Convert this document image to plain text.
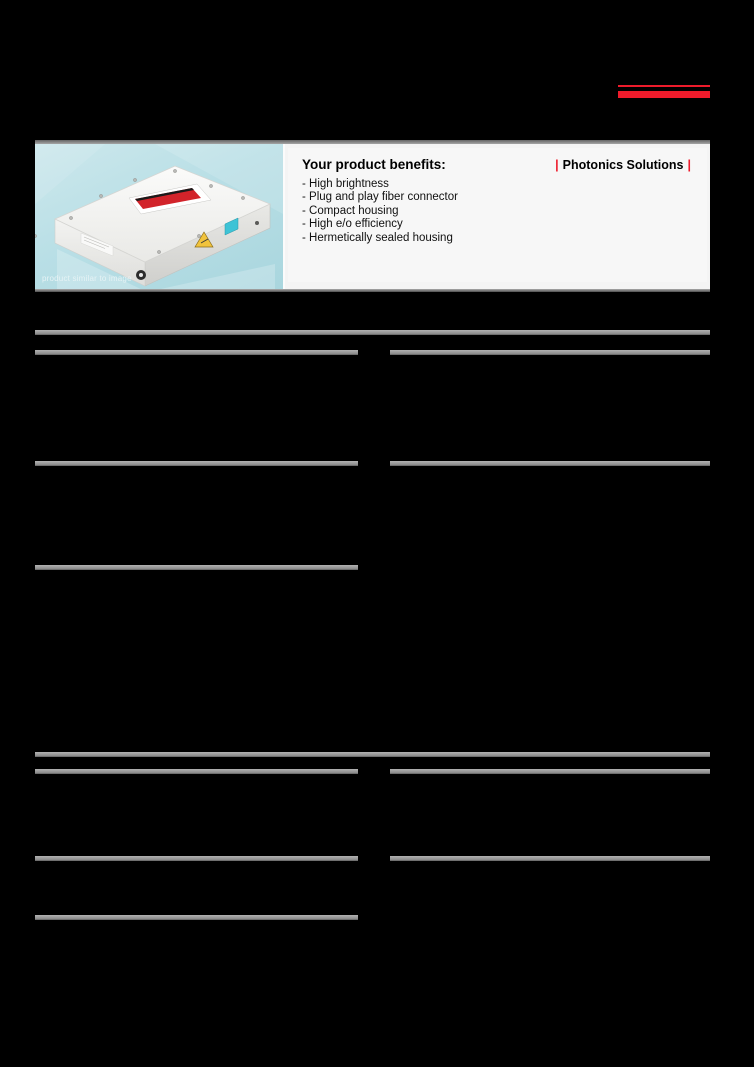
product similar to image
Your product benefits:	| Photonics Solutions |
- High brightness
- Plug and play fiber connector
- Compact housing
- High e/o efficiency
- Hermetically sealed housing
